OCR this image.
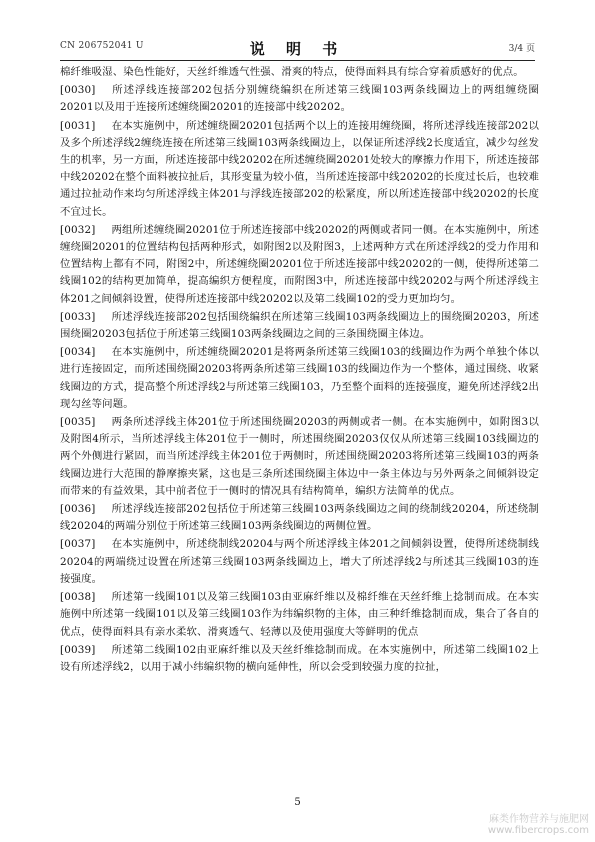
CN 206752041 U	说 明 书	3/4 页

棉纤维吸湿、染色性能好，天丝纤维透气性强、滑爽的特点，使得面料具有综合穿着质感好的优点。

[0030] 所述浮线连接部202包括分别缠绕编织在所述第三线圈103两条线圈边上的两组缠绕圈20201以及用于连接所述缠绕圈20201的连接部中线20202。

[0031] 在本实施例中，所述缠绕圈20201包括两个以上的连接用缠绕圈，将所述浮线连接部202以及多个所述浮线2缠绕连接在所述第三线圈103两条线圈边上，以保证所述浮线2长度适宜，减少勾丝发生的机率，另一方面，所述连接部中线20202在所述缠绕圈20201处较大的摩擦力作用下，所述连接部中线20202在整个面料被拉扯后，其形变量为较小值，当所述连接部中线20202的长度过长后，也较难通过拉扯动作来均匀所述浮线主体201与浮线连接部202的松紧度，所以所述连接部中线20202的长度不宜过长。

[0032] 两组所述缠绕圈20201位于所述连接部中线20202的两侧或者同一侧。在本实施例中，所述缠绕圈20201的位置结构包括两种形式，如附图2以及附图3，上述两种方式在所述浮线2的受力作用和位置结构上都有不同，附图2中，所述缠绕圈20201位于所述连接部中线20202的一侧，使得所述第二线圈102的结构更加简单，提高编织方便程度，而附图3中，所述连接部中线20202与两个所述浮线主体201之间倾斜设置，使得所述连接部中线20202以及第二线圈102的受力更加均匀。

[0033] 所述浮线连接部202包括围绕编织在所述第三线圈103两条线圈边上的围绕圈20203，所述围绕圈20203包括位于所述第三线圈103两条线圈边之间的三条围绕圈主体边。

[0034] 在本实施例中，所述缠绕圈20201是将两条所述第三线圈103的线圈边作为两个单独个体以进行连接固定，而所述围绕圈20203将两条所述第三线圈103的线圈边作为一个整体，通过围绕、收紧线圈边的方式，提高整个所述浮线2与所述第三线圈103，乃至整个面料的连接强度，避免所述浮线2出现勾丝等问题。

[0035] 两条所述浮线主体201位于所述围绕圈20203的两侧或者一侧。在本实施例中，如附图3以及附图4所示，当所述浮线主体201位于一侧时，所述围绕圈20203仅仅从所述第三线圈103线圈边的两个外侧进行紧固，而当所述浮线主体201位于两侧时，所述围绕圈20203将所述第三线圈103的两条线圈边进行大范围的静摩擦夹紧，这也是三条所述围绕圈主体边中一条主体边与另外两条之间倾斜设定而带来的有益效果，其中前者位于一侧时的情况具有结构简单，编织方法简单的优点。

[0036] 所述浮线连接部202包括位于所述第三线圈103两条线圈边之间的绕制线20204，所述绕制线20204的两端分别位于所述第三线圈103两条线圈边的两侧位置。

[0037] 在本实施例中，所述绕制线20204与两个所述浮线主体201之间倾斜设置，使得所述绕制线20204的两端绕过设置在所述第三线圈103两条线圈边上，增大了所述浮线2与所述其三线圈103的连接强度。

[0038] 所述第一线圈101以及第三线圈103由亚麻纤维以及棉纤维在天丝纤维上捻制而成。在本实施例中所述第一线圈101以及第三线圈103作为纬编织物的主体，由三种纤维捻制而成，集合了各自的优点，使得面料具有亲水柔软、滑爽透气、轻薄以及使用强度大等鲜明的优点

[0039] 所述第二线圈102由亚麻纤维以及天丝纤维捻制而成。在本实施例中，所述第二线圈102上设有所述浮线2，以用于减小纬编织物的横向延伸性，所以会受到较强力度的拉扯，

5
麻类作物营养与施肥网
www.fibercrops.com
